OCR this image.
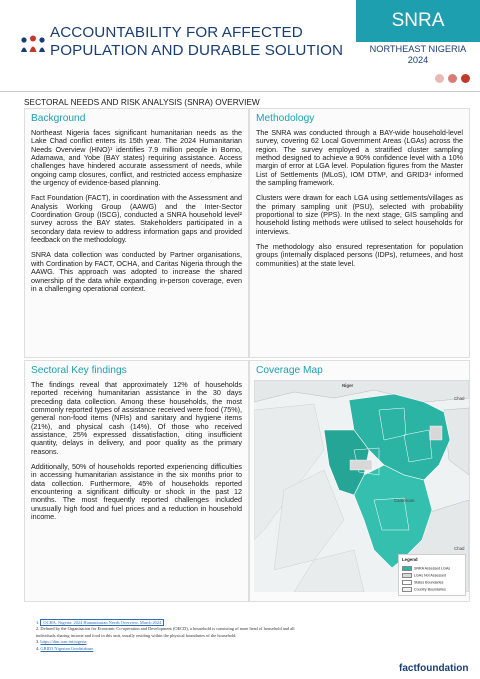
ACCOUNTABILITY FOR AFFECTED
POPULATION AND DURABLE SOLUTION
SNRA
NORTHEAST NIGERIA
2024
SECTORAL NEEDS AND RISK ANALYSIS (SNRA) OVERVIEW
Background

Northeast Nigeria faces significant humanitarian needs as the Lake Chad conflict enters its 15th year. The 2024 Humanitarian Needs Overview (HNO)¹ identifies 7.9 million people in Borno, Adamawa, and Yobe (BAY states) requiring assistance. Access challenges have hindered accurate assessment of needs, while ongoing camp closures, conflict, and restricted access emphasize the urgency of evidence-based planning.

Fact Foundation (FACT), in coordination with the Assessment and Analysis Working Group (AAWG) and the Inter-Sector Coordination Group (ISCG), conducted a SNRA household level² survey across the BAY states. Stakeholders participated in a secondary data review to address information gaps and provided feedback on the methodology.

SNRA data collection was conducted by Partner organisations, with Cordination by FACT, OCHA, and Caritas Nigeria through the AAWG. This approach was adopted to increase the shared ownership of the data while expanding in-person coverage, even in a challenging operational context.

Methodology

The SNRA was conducted through a BAY-wide household-level survey, covering 62 Local Government Areas (LGAs) across the region. The survey employed a stratified cluster sampling method designed to achieve a 90% confidence level with a 10% margin of error at LGA level. Population figures from the Master List of Settlements (MLoS), IOM DTM³, and GRID3⁴ informed the sampling framework.

Clusters were drawn for each LGA using settlements/villages as the primary sampling unit (PSU), selected with probability proportional to size (PPS). In the next stage, GIS sampling and household listing methods were utilised to select households for interviews.

The methodology also ensured representation for population groups (internally displaced persons (IDPs), returnees, and host communities) at the state level.

Sectoral Key findings

The findings reveal that approximately 12% of households reported receiving humanitarian assistance in the 30 days preceding data collection. Among these households, the most commonly reported types of assistance received were food (75%), general non-food items (NFIs) and sanitary and hygiene items (21%), and physical cash (14%). Of those who received assistance, 25% expressed dissatisfaction, citing insufficient quantity, delays in delivery, and poor quality as the primary reasons.

Additionally, 50% of households reported experiencing difficulties in accessing humanitarian assistance in the six months prior to data collection. Furthermore, 45% of households reported encountering a significant difficulty or shock in the past 12 months. The most frequently reported challenges included unusually high food and fuel prices and a reduction in household income.

Coverage Map
Niger
Chad
Chad
Cameroon
Legend
SNRA Assessed LGAs
LGAs Not Assessed
States Boundaries
Country Boundaries
1. OCHA. Nigeria: 2024 Humanitarian Needs Overview. March 2024
2. Defined by the Organisation for Economic Co-operation and Development (OECD), a household is consisting of none head of household and all
individuals sharing income and food in this unit, usually residing within the physical boundaries of the household.
3. https://dtm.iom.int/nigeria
4. GRID3 Nigerian Geodatabase
factfoundation
